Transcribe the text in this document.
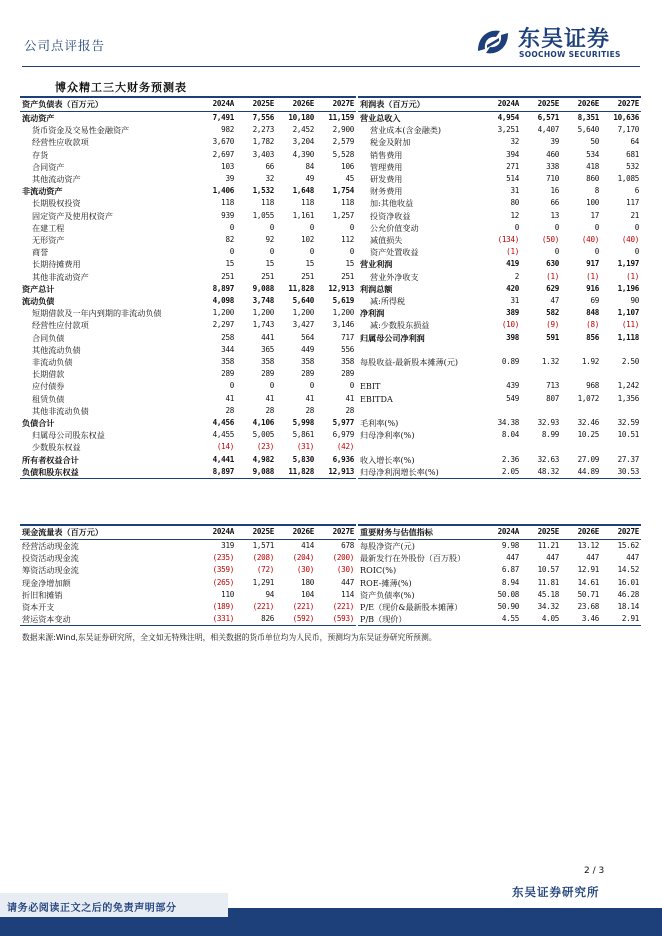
公司点评报告	东吴证券
SOOCHOW SECURITIES
博众精工三大财务预测表
资产负债表（百万元）	2024A	2025E	2026E	2027E
流动资产	7,491	7,556	10,180	11,159
货币资金及交易性金融资产	982	2,273	2,452	2,900
经营性应收款项	3,670	1,782	3,204	2,579
存货	2,697	3,403	4,390	5,528
合同资产	103	66	84	106
其他流动资产	39	32	49	45
非流动资产	1,406	1,532	1,648	1,754
长期股权投资	118	118	118	118
固定资产及使用权资产	939	1,055	1,161	1,257
在建工程	0	0	0	0
无形资产	82	92	102	112
商誉	0	0	0	0
长期待摊费用	15	15	15	15
其他非流动资产	251	251	251	251
资产总计	8,897	9,088	11,828	12,913
流动负债	4,098	3,748	5,640	5,619
短期借款及一年内到期的非流动负债	1,200	1,200	1,200	1,200
经营性应付款项	2,297	1,743	3,427	3,146
合同负债	258	441	564	717
其他流动负债	344	365	449	556
非流动负债	358	358	358	358
长期借款	289	289	289	289
应付债券	0	0	0	0
租赁负债	41	41	41	41
其他非流动负债	28	28	28	28
负债合计	4,456	4,106	5,998	5,977
归属母公司股东权益	4,455	5,005	5,861	6,979
少数股东权益	(14)	(23)	(31)	(42)
所有者权益合计	4,441	4,982	5,830	6,936
负债和股东权益	8,897	9,088	11,828	12,913
利润表（百万元）	2024A	2025E	2026E	2027E
营业总收入	4,954	6,571	8,351	10,636
营业成本(含金融类)	3,251	4,407	5,640	7,170
税金及附加	32	39	50	64
销售费用	394	460	534	681
管理费用	271	338	418	532
研发费用	514	710	860	1,085
财务费用	31	16	8	6
加:其他收益	80	66	100	117
投资净收益	12	13	17	21
公允价值变动	0	0	0	0
减值损失	(134)	(50)	(40)	(40)
资产处置收益	(1)	0	0	0
营业利润	419	630	917	1,197
营业外净收支	2	(1)	(1)	(1)
利润总额	420	629	916	1,196
减:所得税	31	47	69	90
净利润	389	582	848	1,107
减:少数股东损益	(10)	(9)	(8)	(11)
归属母公司净利润	398	591	856	1,118

每股收益-最新股本摊薄(元)	0.89	1.32	1.92	2.50

EBIT	439	713	968	1,242
EBITDA	549	807	1,072	1,356

毛利率(%)	34.38	32.93	32.46	32.59
归母净利率(%)	8.04	8.99	10.25	10.51

收入增长率(%)	2.36	32.63	27.09	27.37
归母净利润增长率(%)	2.05	48.32	44.89	30.53
现金流量表（百万元）	2024A	2025E	2026E	2027E
经营活动现金流	319	1,571	414	678
投资活动现金流	(235)	(208)	(204)	(200)
筹资活动现金流	(359)	(72)	(30)	(30)
现金净增加额	(265)	1,291	180	447
折旧和摊销	110	94	104	114
资本开支	(189)	(221)	(221)	(221)
营运资本变动	(331)	826	(592)	(593)
重要财务与估值指标	2024A	2025E	2026E	2027E
每股净资产(元)	9.98	11.21	13.12	15.62
最新发行在外股份（百万股）	447	447	447	447
ROIC(%)	6.87	10.57	12.91	14.52
ROE-摊薄(%)	8.94	11.81	14.61	16.01
资产负债率(%)	50.08	45.18	50.71	46.28
P/E（现价&最新股本摊薄）	50.90	34.32	23.68	18.14
P/B（现价）	4.55	4.05	3.46	2.91
数据来源:Wind,东吴证券研究所，全文如无特殊注明，相关数据的货币单位均为人民币，预测均为东吴证券研究所预测。
2 / 3
东吴证券研究所
请务必阅读正文之后的免责声明部分
